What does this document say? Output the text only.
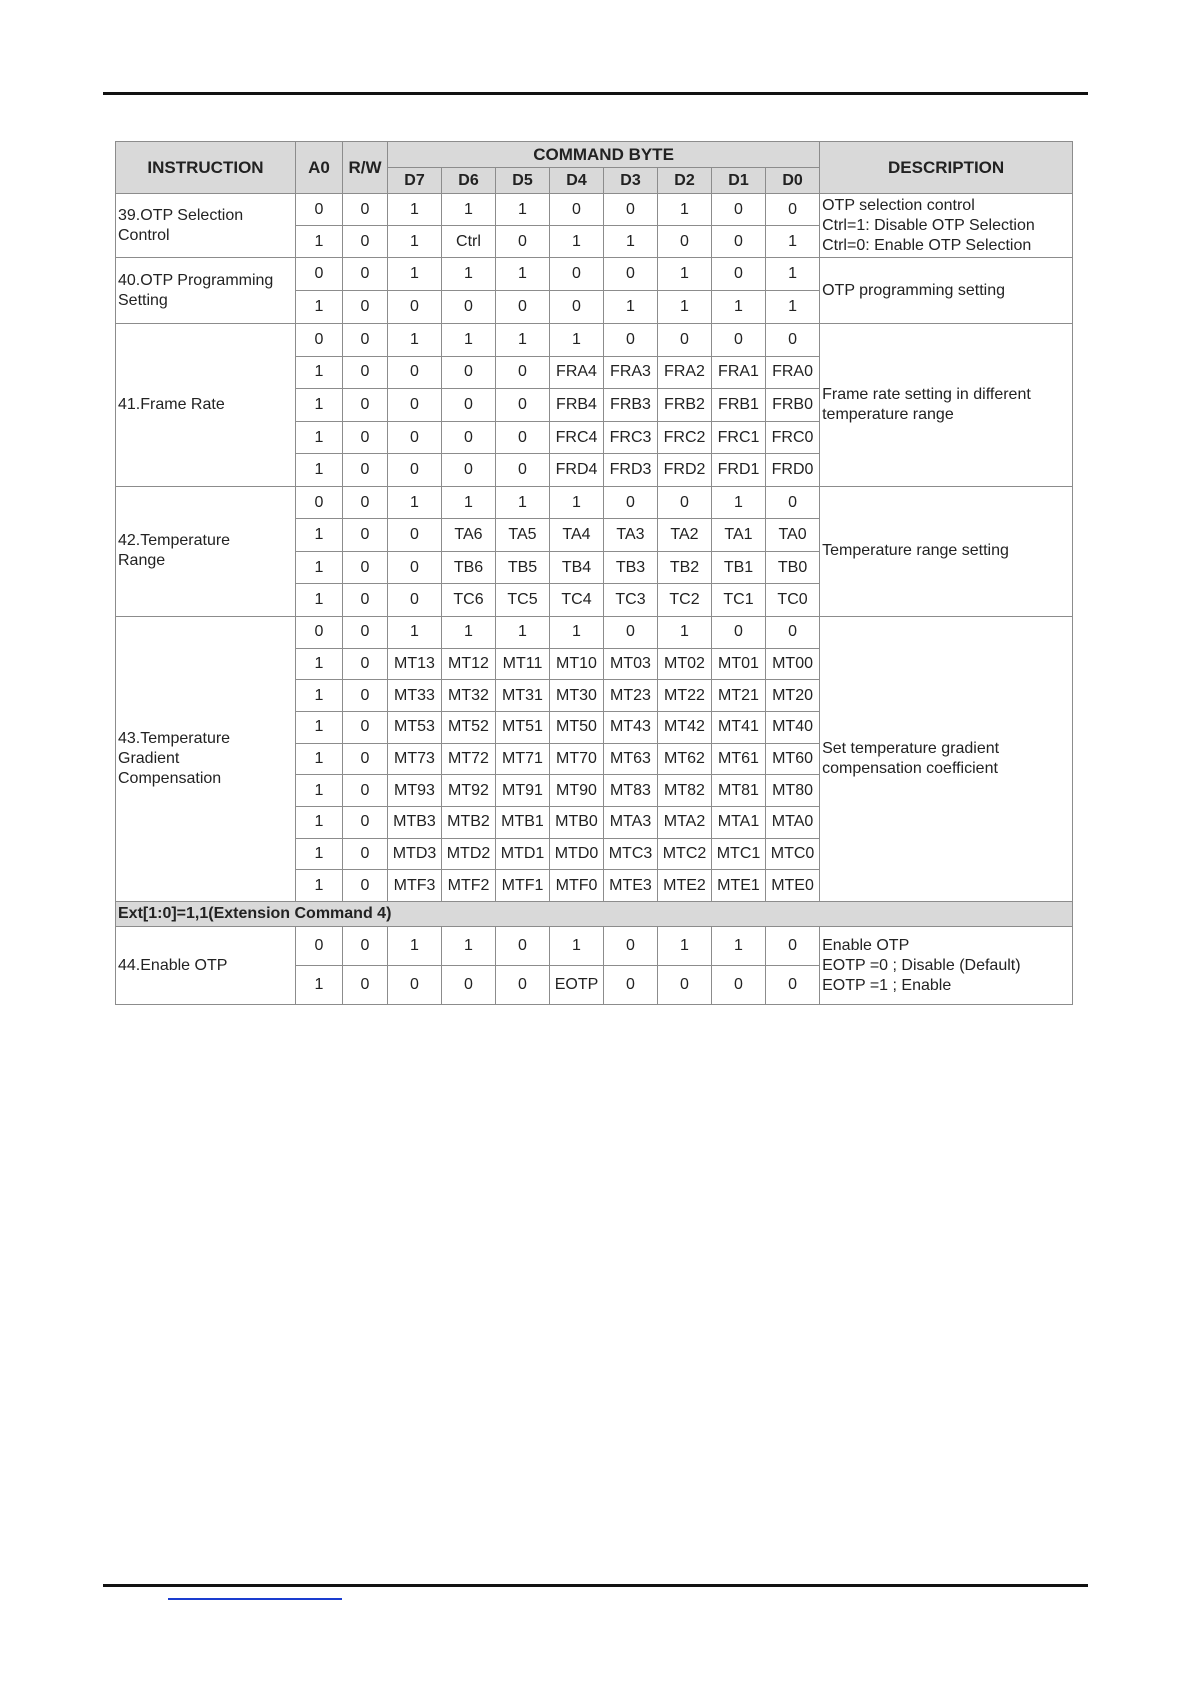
INSTRUCTION	A0	R/W	COMMAND BYTE								DESCRIPTION
			D7	D6	D5	D4	D3	D2	D1	D0	

39.OTP Selection
Control	0	0	1	1	1	0	0	1	0	0	OTP selection control
Ctrl=1: Disable OTP Selection
Ctrl=0: Enable OTP Selection

	1	0	1	Ctrl	0	1	1	0	0	1	

40.OTP Programming
Setting	0	0	1	1	1	0	0	1	0	1	OTP programming setting

	1	0	0	0	0	0	1	1	1	1	

41.Frame Rate	0	0	1	1	1	1	0	0	0	0	Frame rate setting in different
temperature range

	1	0	0	0	0	FRA4	FRA3	FRA2	FRA1	FRA0	
	1	0	0	0	0	FRB4	FRB3	FRB2	FRB1	FRB0	
	1	0	0	0	0	FRC4	FRC3	FRC2	FRC1	FRC0	
	1	0	0	0	0	FRD4	FRD3	FRD2	FRD1	FRD0	

42.Temperature
Range	0	0	1	1	1	1	0	0	1	0	Temperature range setting

	1	0	0	TA6	TA5	TA4	TA3	TA2	TA1	TA0	
	1	0	0	TB6	TB5	TB4	TB3	TB2	TB1	TB0	
	1	0	0	TC6	TC5	TC4	TC3	TC2	TC1	TC0	

43.Temperature
Gradient
Compensation	0	0	1	1	1	1	0	1	0	0	Set temperature gradient
compensation coefficient

	1	0	MT13	MT12	MT11	MT10	MT03	MT02	MT01	MT00	
	1	0	MT33	MT32	MT31	MT30	MT23	MT22	MT21	MT20	
	1	0	MT53	MT52	MT51	MT50	MT43	MT42	MT41	MT40	
	1	0	MT73	MT72	MT71	MT70	MT63	MT62	MT61	MT60	
	1	0	MT93	MT92	MT91	MT90	MT83	MT82	MT81	MT80	
	1	0	MTB3	MTB2	MTB1	MTB0	MTA3	MTA2	MTA1	MTA0	
	1	0	MTD3	MTD2	MTD1	MTD0	MTC3	MTC2	MTC1	MTC0	
	1	0	MTF3	MTF2	MTF1	MTF0	MTE3	MTE2	MTE1	MTE0	
Ext[1:0]=1,1(Extension Command 4)											

44.Enable OTP	0	0	1	1	0	1	0	1	1	0	Enable OTP
EOTP =0 ; Disable (Default)
EOTP =1 ; Enable

	1	0	0	0	0	EOTP	0	0	0	0	
